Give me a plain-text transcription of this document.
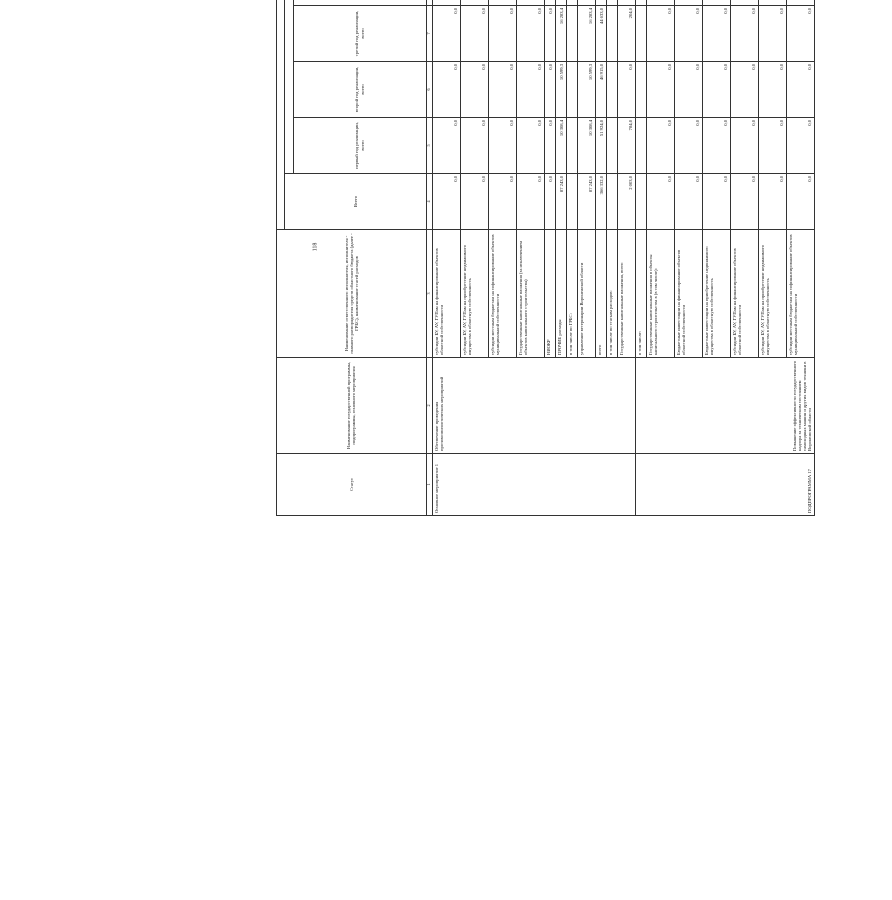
118
Статус	Наименование государственной программы, подпрограммы, основного мероприятия	Наименование ответственного исполнителя, исполнителя - главного распорядителя средств областного бюджета (далее - ГРБС), наименование статей расходов	
			Всего	
				первый год реализации, всего	второй год реализации, всего	третий год реализации, всего				

1	2	3	4	5	6	7						
Основное мероприятие 1	Обеспечение проведения противоэпизоотических мероприятий	субсидии БУ, АУ, ГУПам на финансирование объектов областной собственности	0,0	0,0	0,0	0,0						
		субсидии БУ, АУ, ГУПам на приобретение недвижимого имущества в областную собственность	0,0	0,0	0,0	0,0						
		субсидии местным бюджетам на софинансирование объектов муниципальной собственности	0,0	0,0	0,0	0,0						
		Государственные капитальные вложения (за исключением объектов капитального строительства)	0,0	0,0	0,0	0,0						
		НИОКР	0,0	0,0	0,0	0,0						
		ПРОЧИЕ расходы	87 243,0	10 308,4	10 599,3	16 283,4						
		в том числе по ГРБС:										
		управление ветеринарии Воронежской области	87 243,0	10 308,4	10 599,3	16 283,4						
		всего	366 332,0	51 924,0	46 915,0	44 633,0						
		в том числе по статьям расходов:										
		Государственные капитальные вложения, всего	2 003,0	784,0	0,0	204,0						
ПОДПРОГРАММА 17	Повышение эффективности государственного надзора за техническим состоянием самоходных машин и других видов техники в Воронежской области	в том числе:										
		Государственные капитальные вложения в объекты капитального строительства в (в том числе):	0,0	0,0	0,0	0,0						
		Бюджетные инвестиции на финансирование объектов областной собственности	0,0	0,0	0,0	0,0						
		Бюджетные инвестиции на приобретение недвижимого имущества в областную собственность	0,0	0,0	0,0	0,0						
		субсидии БУ, АУ, ГУПам на финансирование объектов областной собственности	0,0	0,0	0,0	0,0						
		субсидии БУ, АУ, ГУПам на приобретение недвижимого имущества в областную собственность	0,0	0,0	0,0	0,0						
		субсидии местным бюджетам на софинансирование объектов муниципальной собственности	0,0	0,0	0,0	0,0						
